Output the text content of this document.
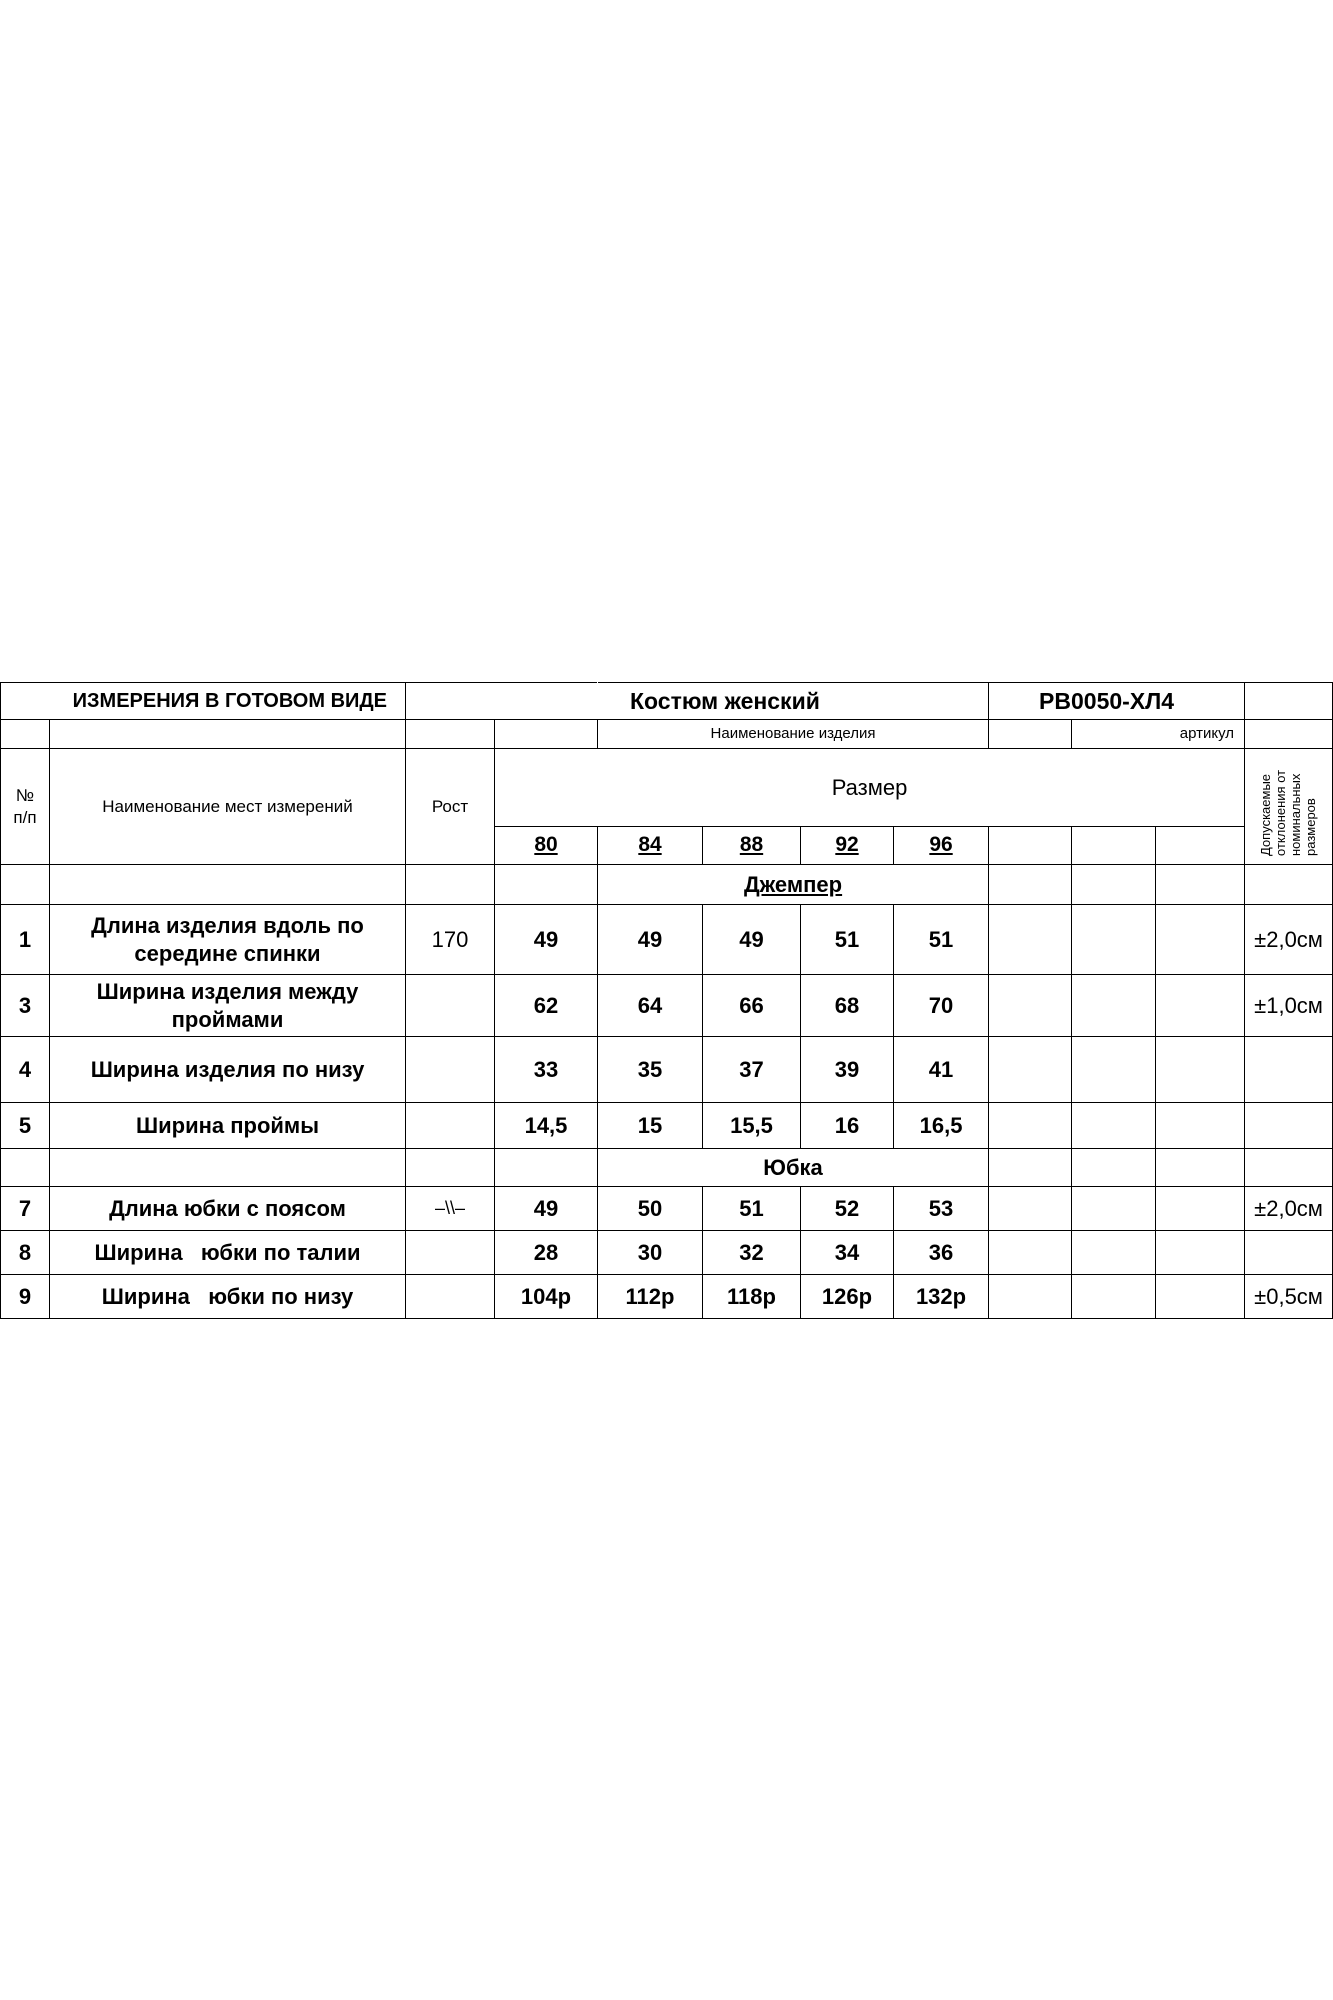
ИЗМЕРЕНИЯ В ГОТОВОМ ВИДЕ				Костюм женский				РВ0050-ХЛ4			
				Наименование изделия					артикул		
№
п/п	Наименование мест измерений	Рост	Размер								Допускаемые отклонения от номинальных размеров
			80	84	88	92	96				
				Джемпер							
1	Длина изделия вдоль по середине спинки	170	49	49	49	51	51				±2,0см
3	Ширина изделия между проймами		62	64	66	68	70				±1,0см
4	Ширина изделия по низу		33	35	37	39	41				
5	Ширина проймы		14,5	15	15,5	16	16,5				
				Юбка							
7	Длина юбки с поясом	–\\–	49	50	51	52	53				±2,0см
8	Ширина   юбки по талии		28	30	32	34	36				
9	Ширина   юбки по низу		104р	112р	118р	126р	132р				±0,5см
